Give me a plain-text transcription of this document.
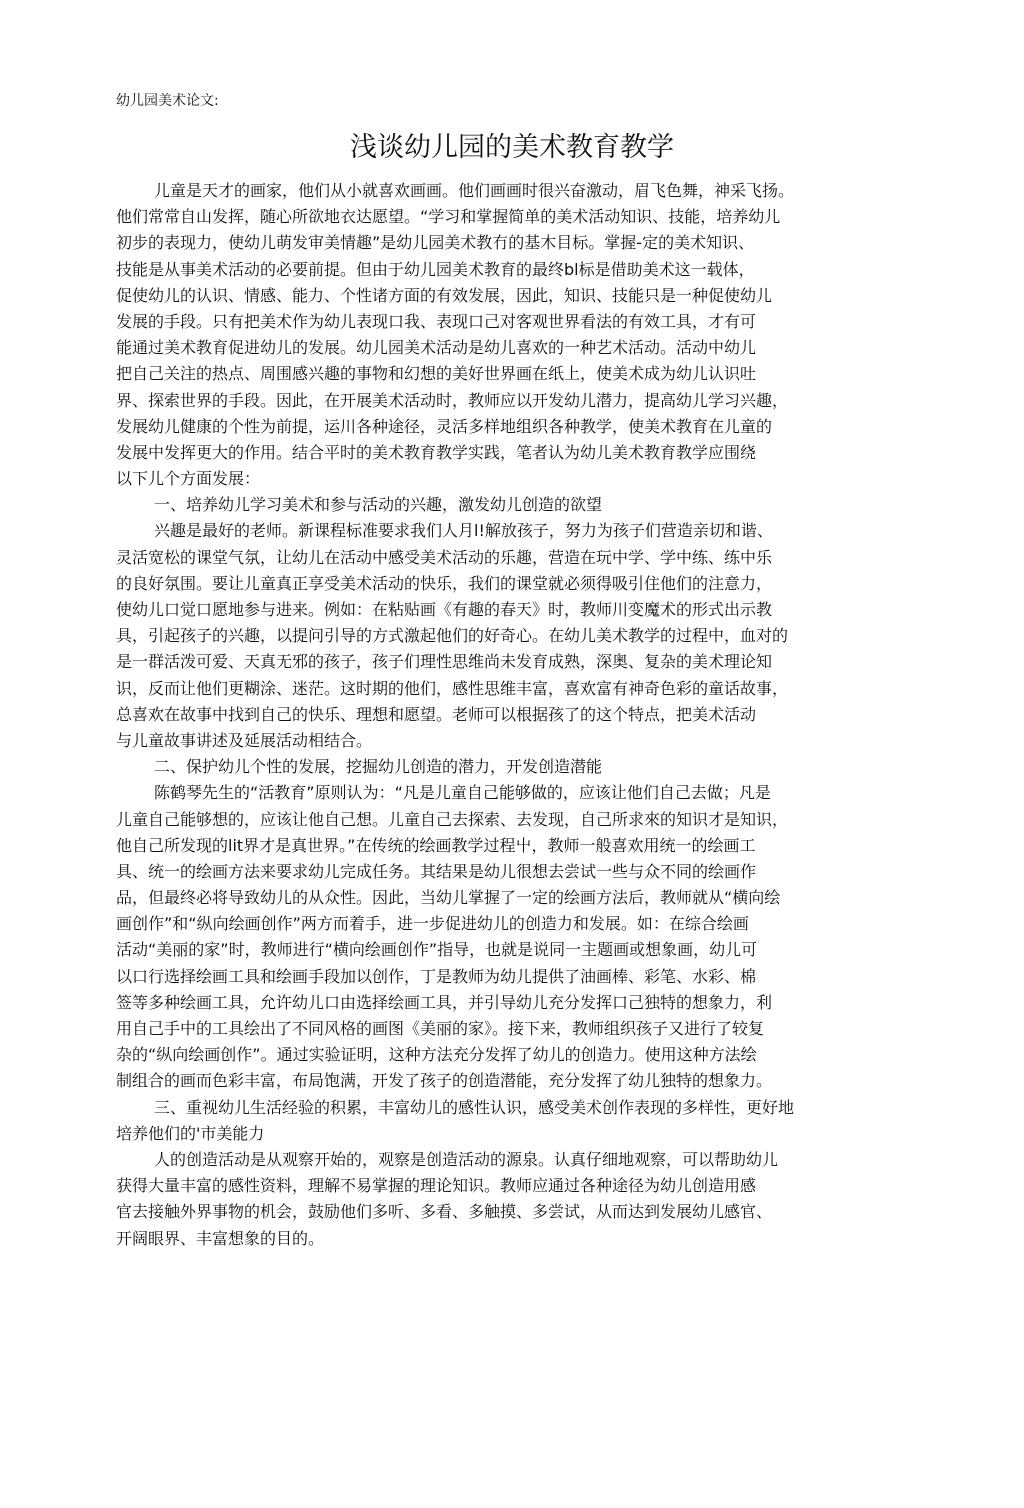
幼儿园美术论文:
浅谈幼儿园的美术教育教学
儿童是天才的画家，他们从小就喜欢画画。他们画画时很兴奋激动，眉飞色舞，神采飞扬。
他们常常自山发挥，随心所欲地衣达愿望。“学习和掌握简单的美术活动知识、技能，培养幼儿
初步的表现力，使幼儿萌发审美情趣”是幼儿园美术教冇的基木目标。掌握-定的美术知识、
技能是从事美术活动的必要前提。但由于幼儿园美术教育的最终bl标是借助美术这一载体，
促使幼儿的认识、情感、能力、个性诸方面的有效发展，因此，知识、技能只是一种促使幼儿
发展的手段。只有把美术作为幼儿表现口我、表现口己对客观世界看法的有效工具，才有可
能通过美术教育促进幼儿的发展。幼儿园美术活动是幼儿喜欢的一种艺术活动。活动中幼儿
把自己关注的热点、周围感兴趣的事物和幻想的美好世界画在纸上，使美术成为幼儿认识吐
界、探索世界的手段。因此，在开展美术活动时，教师应以开发幼儿潜力，提高幼儿学习兴趣，
发展幼儿健康的个性为前提，运川各种途径，灵活多样地组织各种教学，使美术教育在儿童的
发展中发挥更大的作用。结合平时的美术教育教学实践，笔者认为幼儿美术教育教学应围绕
以下儿个方面发展：
一、培养幼儿学习美术和参与活动的兴趣，激发幼儿创造的欲望
兴趣是最好的老师。新课程标准要求我们人月l!解放孩子，努力为孩子们营造亲切和谐、
灵活宽松的课堂气氛，让幼儿在活动中感受美术活动的乐趣，营造在玩中学、学中练、练中乐
的良好氛围。要让儿童真正享受美术活动的快乐，我们的课堂就必须得吸引住他们的注意力，
使幼儿口觉口愿地参与进来。例如：在粘贴画《有趣的春天》时，教师川变魔术的形式出示教
具，引起孩子的兴趣，以提问引导的方式激起他们的好奇心。在幼儿美术教学的过程中，血对的
是一群活泼可爱、天真无邪的孩子，孩子们理性思维尚未发育成熟，深奥、复杂的美术理论知
识，反而让他们更糊涂、迷茫。这时期的他们，感性思维丰富，喜欢富有神奇色彩的童话故事，
总喜欢在故事中找到自己的快乐、理想和愿望。老师可以根据孩了的这个特点，把美术活动
与儿童故事讲述及延展活动相结合。
二、保护幼儿个性的发展，挖掘幼儿创造的潜力，开发创造潜能
陈鹤琴先生的“活教育”原则认为：“凡是儿童自己能够做的，应该让他们自己去做；凡是
儿童自己能够想的，应该让他自己想。儿童自己去探索、去发现，自己所求來的知识才是知识，
他自己所发现的lit界才是真世界。”在传统的绘画教学过程屮，教师一般喜欢用统一的绘画工
具、统一的绘画方法来要求幼儿完成任务。其结果是幼儿很想去尝试一些与众不同的绘画作
品，但最终必将导致幼儿的从众性。因此，当幼儿掌握了一定的绘画方法后，教师就从“横向绘
画创作”和“纵向绘画创作”两方而着手，进一步促进幼儿的创造力和发展。如：在综合绘画
活动“美丽的家”时，教师进行“横向绘画创作”指导，也就是说同一主题画或想象画，幼儿可
以口行选择绘画工具和绘画手段加以创作，丁是教师为幼儿提供了油画棒、彩笔、水彩、棉
签等多种绘画工具，允许幼儿口由选择绘画工具，并引导幼儿充分发挥口己独特的想象力，利
用自己手中的工具绘出了不同风格的画图《美丽的家》。接下来，教师组织孩子又进行了较复
杂的“纵向绘画创作”。通过实验证明，这种方法充分发挥了幼儿的创造力。使用这种方法绘
制组合的画而色彩丰富，布局饱满，开发了孩子的创造潜能，充分发挥了幼儿独特的想象力。
三、重视幼儿生活经验的积累，丰富幼儿的感性认识，感受美术创作表现的多样性，更好地
培养他们的'市美能力
人的创造活动是从观察开始的，观察是创造活动的源泉。认真仔细地观察，可以帮助幼儿
获得大量丰富的感性资料，理解不易掌握的理论知识。教师应通过各种途径为幼儿创造用感
官去接触外界事物的机会，鼓励他们多听、多看、多触摸、多尝试，从而达到发展幼儿感官、
开阔眼界、丰富想象的目的。
